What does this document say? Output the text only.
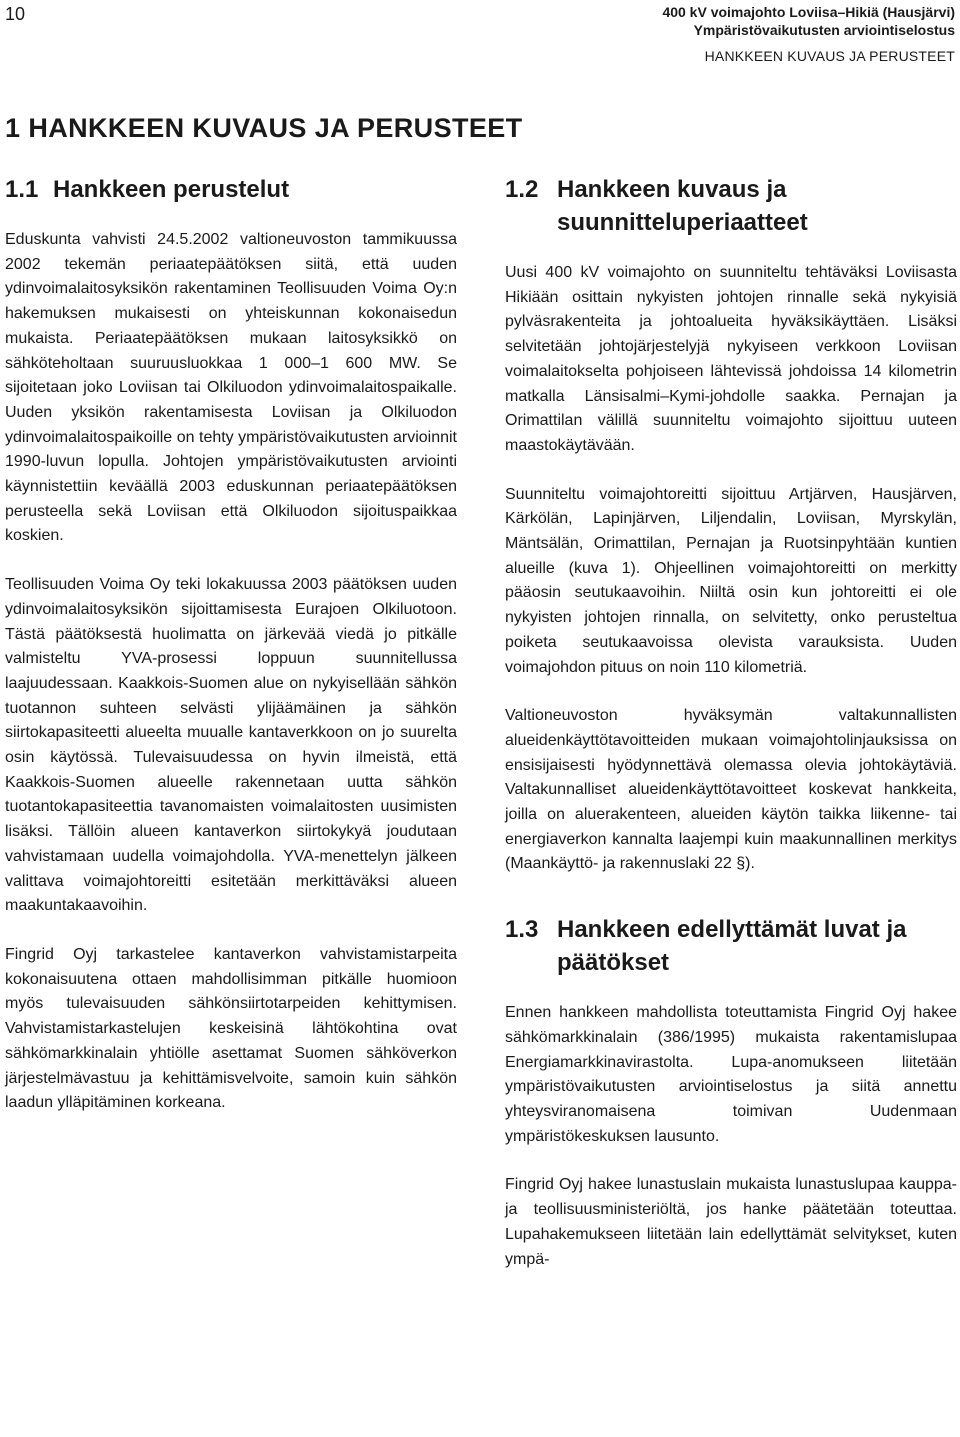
10	400 kV voimajohto Loviisa–Hikiä (Hausjärvi)
Ympäristövaikutusten arviointiselostus
HANKKEEN KUVAUS JA PERUSTEET
1 HANKKEEN KUVAUS JA PERUSTEET
1.1 Hankkeen perustelut

Eduskunta vahvisti 24.5.2002 valtioneuvoston tammikuussa 2002 tekemän periaatepäätöksen siitä, että uuden ydinvoimalaitosyksikön rakentaminen Teollisuuden Voima Oy:n hakemuksen mukaisesti on yhteiskunnan kokonaisedun mukaista. Periaatepäätöksen mukaan laitosyksikkö on sähköteholtaan suuruusluokkaa 1 000–1 600 MW. Se sijoitetaan joko Loviisan tai Olkiluodon ydinvoimalaitospaikalle. Uuden yksikön rakentamisesta Loviisan ja Olkiluodon ydinvoimalaitospaikoille on tehty ympäristövaikutusten arvioinnit 1990-luvun lopulla. Johtojen ympäristövaikutusten arviointi käynnistettiin keväällä 2003 eduskunnan periaatepäätöksen perusteella sekä Loviisan että Olkiluodon sijoituspaikkaa koskien.

Teollisuuden Voima Oy teki lokakuussa 2003 päätöksen uuden ydinvoimalaitosyksikön sijoittamisesta Eurajoen Olkiluotoon. Tästä päätöksestä huolimatta on järkevää viedä jo pitkälle valmisteltu YVA-prosessi loppuun suunnitellussa laajuudessaan. Kaakkois-Suomen alue on nykyisellään sähkön tuotannon suhteen selvästi ylijäämäinen ja sähkön siirtokapasiteetti alueelta muualle kantaverkkoon on jo suurelta osin käytössä. Tulevaisuudessa on hyvin ilmeistä, että Kaakkois-Suomen alueelle rakennetaan uutta sähkön tuotantokapasiteettia tavanomaisten voimalaitosten uusimisten lisäksi. Tällöin alueen kantaverkon siirtokykyä joudutaan vahvistamaan uudella voimajohdolla. YVA-menettelyn jälkeen valittava voimajohtoreitti esitetään merkittäväksi alueen maakuntakaavoihin.

Fingrid Oyj tarkastelee kantaverkon vahvistamistarpeita kokonaisuutena ottaen mahdollisimman pitkälle huomioon myös tulevaisuuden sähkönsiirtotarpeiden kehittymisen. Vahvistamistarkastelujen keskeisinä lähtökohtina ovat sähkömarkkinalain yhtiölle asettamat Suomen sähköverkon järjestelmävastuu ja kehittämisvelvoite, samoin kuin sähkön laadun ylläpitäminen korkeana.

1.2 Hankkeen kuvaus ja suunnitteluperiaatteet

Uusi 400 kV voimajohto on suunniteltu tehtäväksi Loviisasta Hikiään osittain nykyisten johtojen rinnalle sekä nykyisiä pylväsrakenteita ja johtoalueita hyväksikäyttäen. Lisäksi selvitetään johtojärjestelyjä nykyiseen verkkoon Loviisan voimalaitokselta pohjoiseen lähtevissä johdoissa 14 kilometrin matkalla Länsisalmi–Kymi-johdolle saakka. Pernajan ja Orimattilan välillä suunniteltu voimajohto sijoittuu uuteen maastokäytävään.

Suunniteltu voimajohtoreitti sijoittuu Artjärven, Hausjärven, Kärkölän, Lapinjärven, Liljendalin, Loviisan, Myrskylän, Mäntsälän, Orimattilan, Pernajan ja Ruotsinpyhtään kuntien alueille (kuva 1). Ohjeellinen voimajohtoreitti on merkitty pääosin seutukaavoihin. Niiltä osin kun johtoreitti ei ole nykyisten johtojen rinnalla, on selvitetty, onko perusteltua poiketa seutukaavoissa olevista varauksista. Uuden voimajohdon pituus on noin 110 kilometriä.

Valtioneuvoston hyväksymän valtakunnallisten alueidenkäyttötavoitteiden mukaan voimajohtolinjauksissa on ensisijaisesti hyödynnettävä olemassa olevia johtokäytäviä. Valtakunnalliset alueidenkäyttötavoitteet koskevat hankkeita, joilla on aluerakenteen, alueiden käytön taikka liikenne- tai energiaverkon kannalta laajempi kuin maakunnallinen merkitys (Maankäyttö- ja rakennuslaki 22 §).

1.3 Hankkeen edellyttämät luvat ja päätökset

Ennen hankkeen mahdollista toteuttamista Fingrid Oyj hakee sähkömarkkinalain (386/1995) mukaista rakentamislupaa Energiamarkkinavirastolta. Lupa-anomukseen liitetään ympäristövaikutusten arviointiselostus ja siitä annettu yhteysviranomaisena toimivan Uudenmaan ympäristökeskuksen lausunto.

Fingrid Oyj hakee lunastuslain mukaista lunastuslupaa kauppa- ja teollisuusministeriöltä, jos hanke päätetään toteuttaa. Lupahakemukseen liitetään lain edellyttämät selvitykset, kuten ympä-
